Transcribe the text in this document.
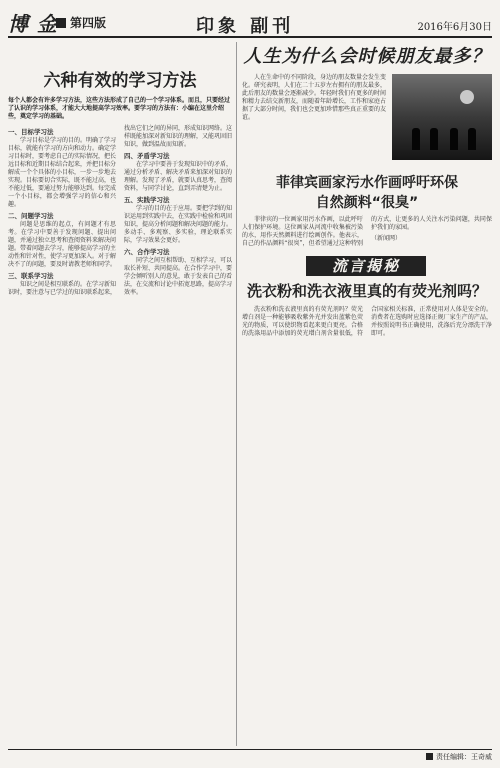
博 金	第四版	印象 副刊	2016年6月30日
六种有效的学习方法
每个人都会有许多学习方法，这些方法形成了自己的一个学习体系。而且，只要经过了认识的学习体系，才能大大地提高学习效率。要学习的方法有：小编在这里介绍些，奠定学习的基础。
一、目标学习法
学习目标是学习的目的。明确了学习目标，就能有学习的方向和动力。确定学习目标时，要考虑自己的实际情况，把长远目标和近期目标结合起来，并把目标分解成一个个具体的小目标，一步一步地去实现。目标要切合实际，既不能过高，也不能过低，要通过努力能够达到。每完成一个小目标，都会增强学习的信心和兴趣。
二、问题学习法
问题是思维的起点，有问题才有思考。在学习中要善于发现问题、提出问题，并通过独立思考和查阅资料来解决问题。带着问题去学习，能够提高学习的主动性和针对性，使学习更加深入。对于解决不了的问题，要及时请教老师和同学。
三、联系学习法
知识之间是相互联系的。在学习新知识时，要注意与已学过的知识联系起来，找出它们之间的异同，形成知识网络。这样既能加深对新知识的理解，又能巩固旧知识，做到温故而知新。
四、矛盾学习法
在学习中要善于发现知识中的矛盾，通过分析矛盾、解决矛盾来加深对知识的理解。发现了矛盾，就要认真思考，查阅资料，与同学讨论，直到弄清楚为止。
五、实践学习法
学习的目的在于应用。要把学到的知识运用到实践中去，在实践中检验和巩固知识，提高分析问题和解决问题的能力。多动手、多观察、多实验，理论联系实际，学习效果会更好。
六、合作学习法
同学之间互相帮助、互相学习，可以取长补短、共同提高。在合作学习中，要学会倾听别人的意见，敢于发表自己的看法，在交流和讨论中拓宽思路，提高学习效率。
人生为什么会时候朋友最多？
人在生命中的不同阶段，身边的朋友数量会发生变化。研究表明，人们在二十五岁左右拥有的朋友最多，此后朋友的数量会逐渐减少。年轻时我们有更多的时间和精力去结交新朋友，而随着年龄增长，工作和家庭占据了大部分时间，我们也会更加珍惜那些真正重要的友谊。
菲律宾画家污水作画呼吁环保
自然颜料“很臭”
菲律宾的一位画家用污水作画，以此呼吁人们保护环境。这位画家从河流中收集被污染的水，用作天然颜料进行绘画创作。他表示，自己的作品颜料“很臭”，但希望通过这种特别的方式，让更多的人关注水污染问题，共同保护我们的家园。
（新闻网）
流言揭秘
洗衣粉和洗衣液里真的有荧光剂吗？
洗衣粉和洗衣液里真的有荧光剂吗？荧光增白剂是一种能够吸收紫外光并发出蓝紫色荧光的物质，可以使织物看起来更白更亮。合格的洗涤用品中添加的荧光增白剂含量很低，符合国家相关标准，正常使用对人体是安全的。消费者在选购时应选择正规厂家生产的产品，并按照说明书正确使用，洗涤后充分漂洗干净即可。
责任编辑：王奇威
